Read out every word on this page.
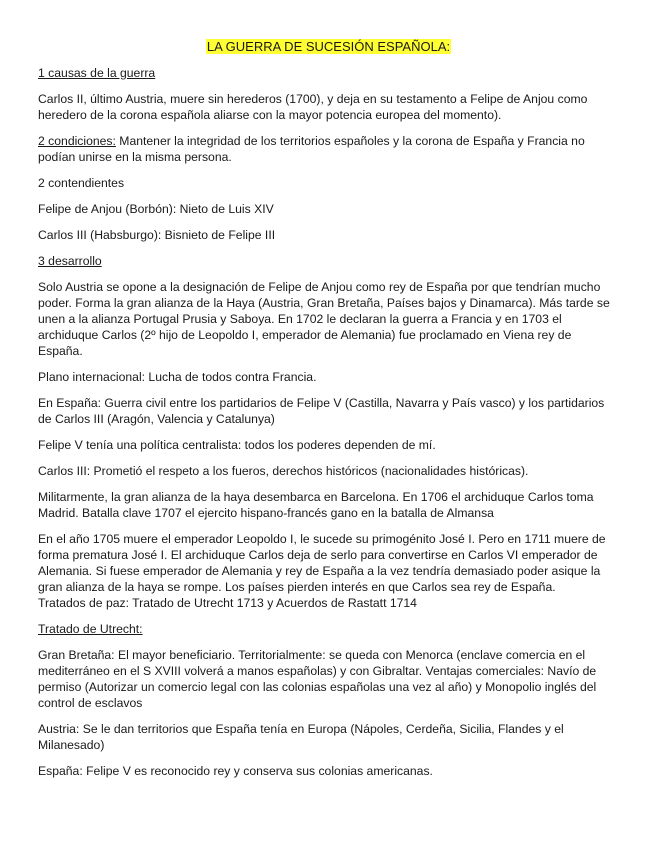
LA GUERRA DE SUCESIÓN ESPAÑOLA:

1 causas de la guerra

Carlos II, último Austria, muere sin herederos (1700), y deja en su testamento a Felipe de Anjou como heredero de la corona española aliarse con la mayor potencia europea del momento).

2 condiciones: Mantener la integridad de los territorios españoles y la corona de España y Francia no podían unirse en la misma persona.

2 contendientes

Felipe de Anjou (Borbón): Nieto de Luis XIV

Carlos III (Habsburgo): Bisnieto de Felipe III

3 desarrollo

Solo Austria se opone a la designación de Felipe de Anjou como rey de España por que tendrían mucho poder. Forma la gran alianza de la Haya (Austria, Gran Bretaña, Países bajos y Dinamarca). Más tarde se unen a la alianza Portugal Prusia y Saboya. En 1702 le declaran la guerra a Francia y en 1703 el archiduque Carlos (2º hijo de Leopoldo I, emperador de Alemania) fue proclamado en Viena rey de España.

Plano internacional: Lucha de todos contra Francia.

En España: Guerra civil entre los partidarios de Felipe V (Castilla, Navarra y País vasco) y los partidarios de Carlos III (Aragón, Valencia y Catalunya)

Felipe V tenía una política centralista: todos los poderes dependen de mí.

Carlos III: Prometió el respeto a los fueros, derechos históricos (nacionalidades históricas).

Militarmente, la gran alianza de la haya desembarca en Barcelona. En 1706 el archiduque Carlos toma Madrid. Batalla clave 1707 el ejercito hispano-francés gano en la batalla de Almansa

En el año 1705 muere el emperador Leopoldo I, le sucede su primogénito José I. Pero en 1711 muere de forma prematura José I. El archiduque Carlos deja de serlo para convertirse en Carlos VI emperador de Alemania. Si fuese emperador de Alemania y rey de España a la vez tendría demasiado poder asique la gran alianza de la haya se rompe. Los países pierden interés en que Carlos sea rey de España.

Tratados de paz: Tratado de Utrecht 1713 y Acuerdos de Rastatt 1714

Tratado de Utrecht:

Gran Bretaña: El mayor beneficiario. Territorialmente: se queda con Menorca (enclave comercia en el mediterráneo en el S XVIII volverá a manos españolas) y con Gibraltar. Ventajas comerciales: Navío de permiso (Autorizar un comercio legal con las colonias españolas una vez al año) y Monopolio inglés del control de esclavos

Austria: Se le dan territorios que España tenía en Europa (Nápoles, Cerdeña, Sicilia, Flandes y el Milanesado)

España: Felipe V es reconocido rey y conserva sus colonias americanas.
